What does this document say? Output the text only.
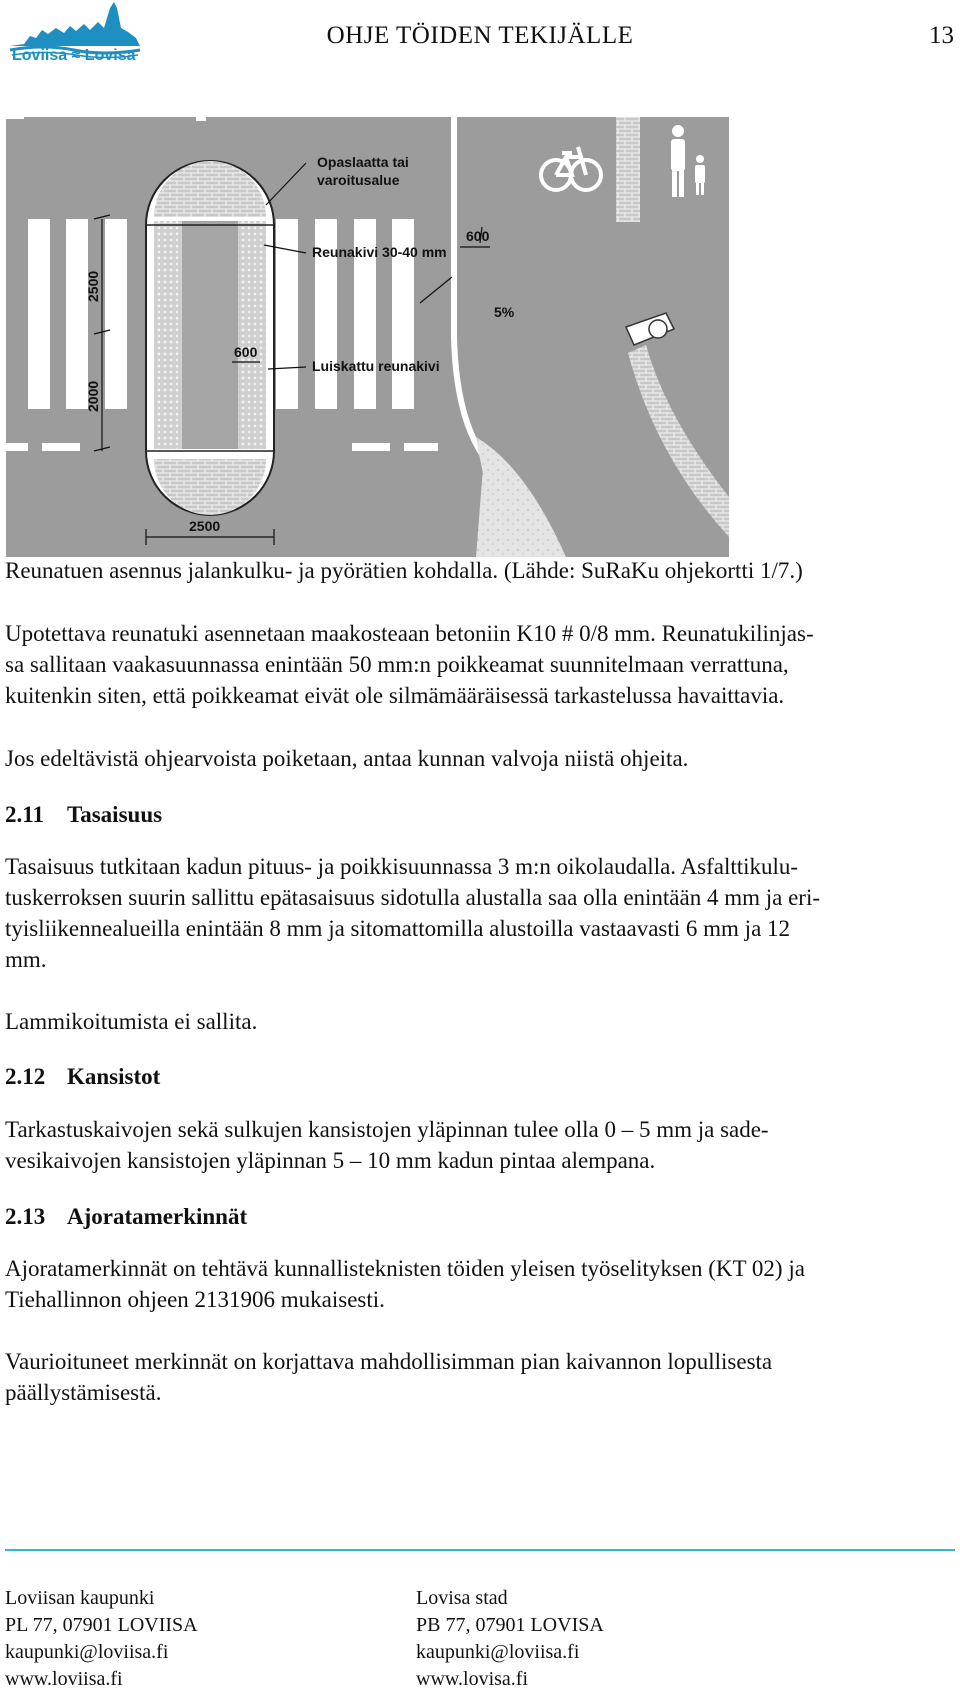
Loviisa ≈ Lovisa
OHJE TÖIDEN TEKIJÄLLE	13
Opaslaatta tai
varoitusalue
Reunakivi 30-40 mm
Luiskattu reunakivi
600
600
5%
2500
2500
2000
Reunatuen asennus jalankulku- ja pyörätien kohdalla. (Lähde: SuRaKu ohjekortti 1/7.)

Upotettava reunatuki asennetaan maakosteaan betoniin K10 # 0/8 mm. Reunatukilinjas-
sa sallitaan vaakasuunnassa enintään 50 mm:n poikkeamat suunnitelmaan verrattuna,
kuitenkin siten, että poikkeamat eivät ole silmämääräisessä tarkastelussa havaittavia.

Jos edeltävistä ohjearvoista poiketaan, antaa kunnan valvoja niistä ohjeita.

2.11 Tasaisuus

Tasaisuus tutkitaan kadun pituus- ja poikkisuunnassa 3 m:n oikolaudalla. Asfalttikulu-
tuskerroksen suurin sallittu epätasaisuus sidotulla alustalla saa olla enintään 4 mm ja eri-
tyisliikennealueilla enintään 8 mm ja sitomattomilla alustoilla vastaavasti 6 mm ja 12
mm.

Lammikoitumista ei sallita.

2.12 Kansistot

Tarkastuskaivojen sekä sulkujen kansistojen yläpinnan tulee olla 0 – 5 mm ja sade-
vesikaivojen kansistojen yläpinnan 5 – 10 mm kadun pintaa alempana.

2.13 Ajoratamerkinnät

Ajoratamerkinnät on tehtävä kunnallisteknisten töiden yleisen työselityksen (KT 02) ja
Tiehallinnon ohjeen 2131906 mukaisesti.

Vaurioituneet merkinnät on korjattava mahdollisimman pian kaivannon lopullisesta
päällystämisestä.

Loviisan kaupunki
PL 77, 07901 LOVIISA
kaupunki@loviisa.fi
www.loviisa.fi
Lovisa stad
PB 77, 07901 LOVISA
kaupunki@loviisa.fi
www.lovisa.fi
